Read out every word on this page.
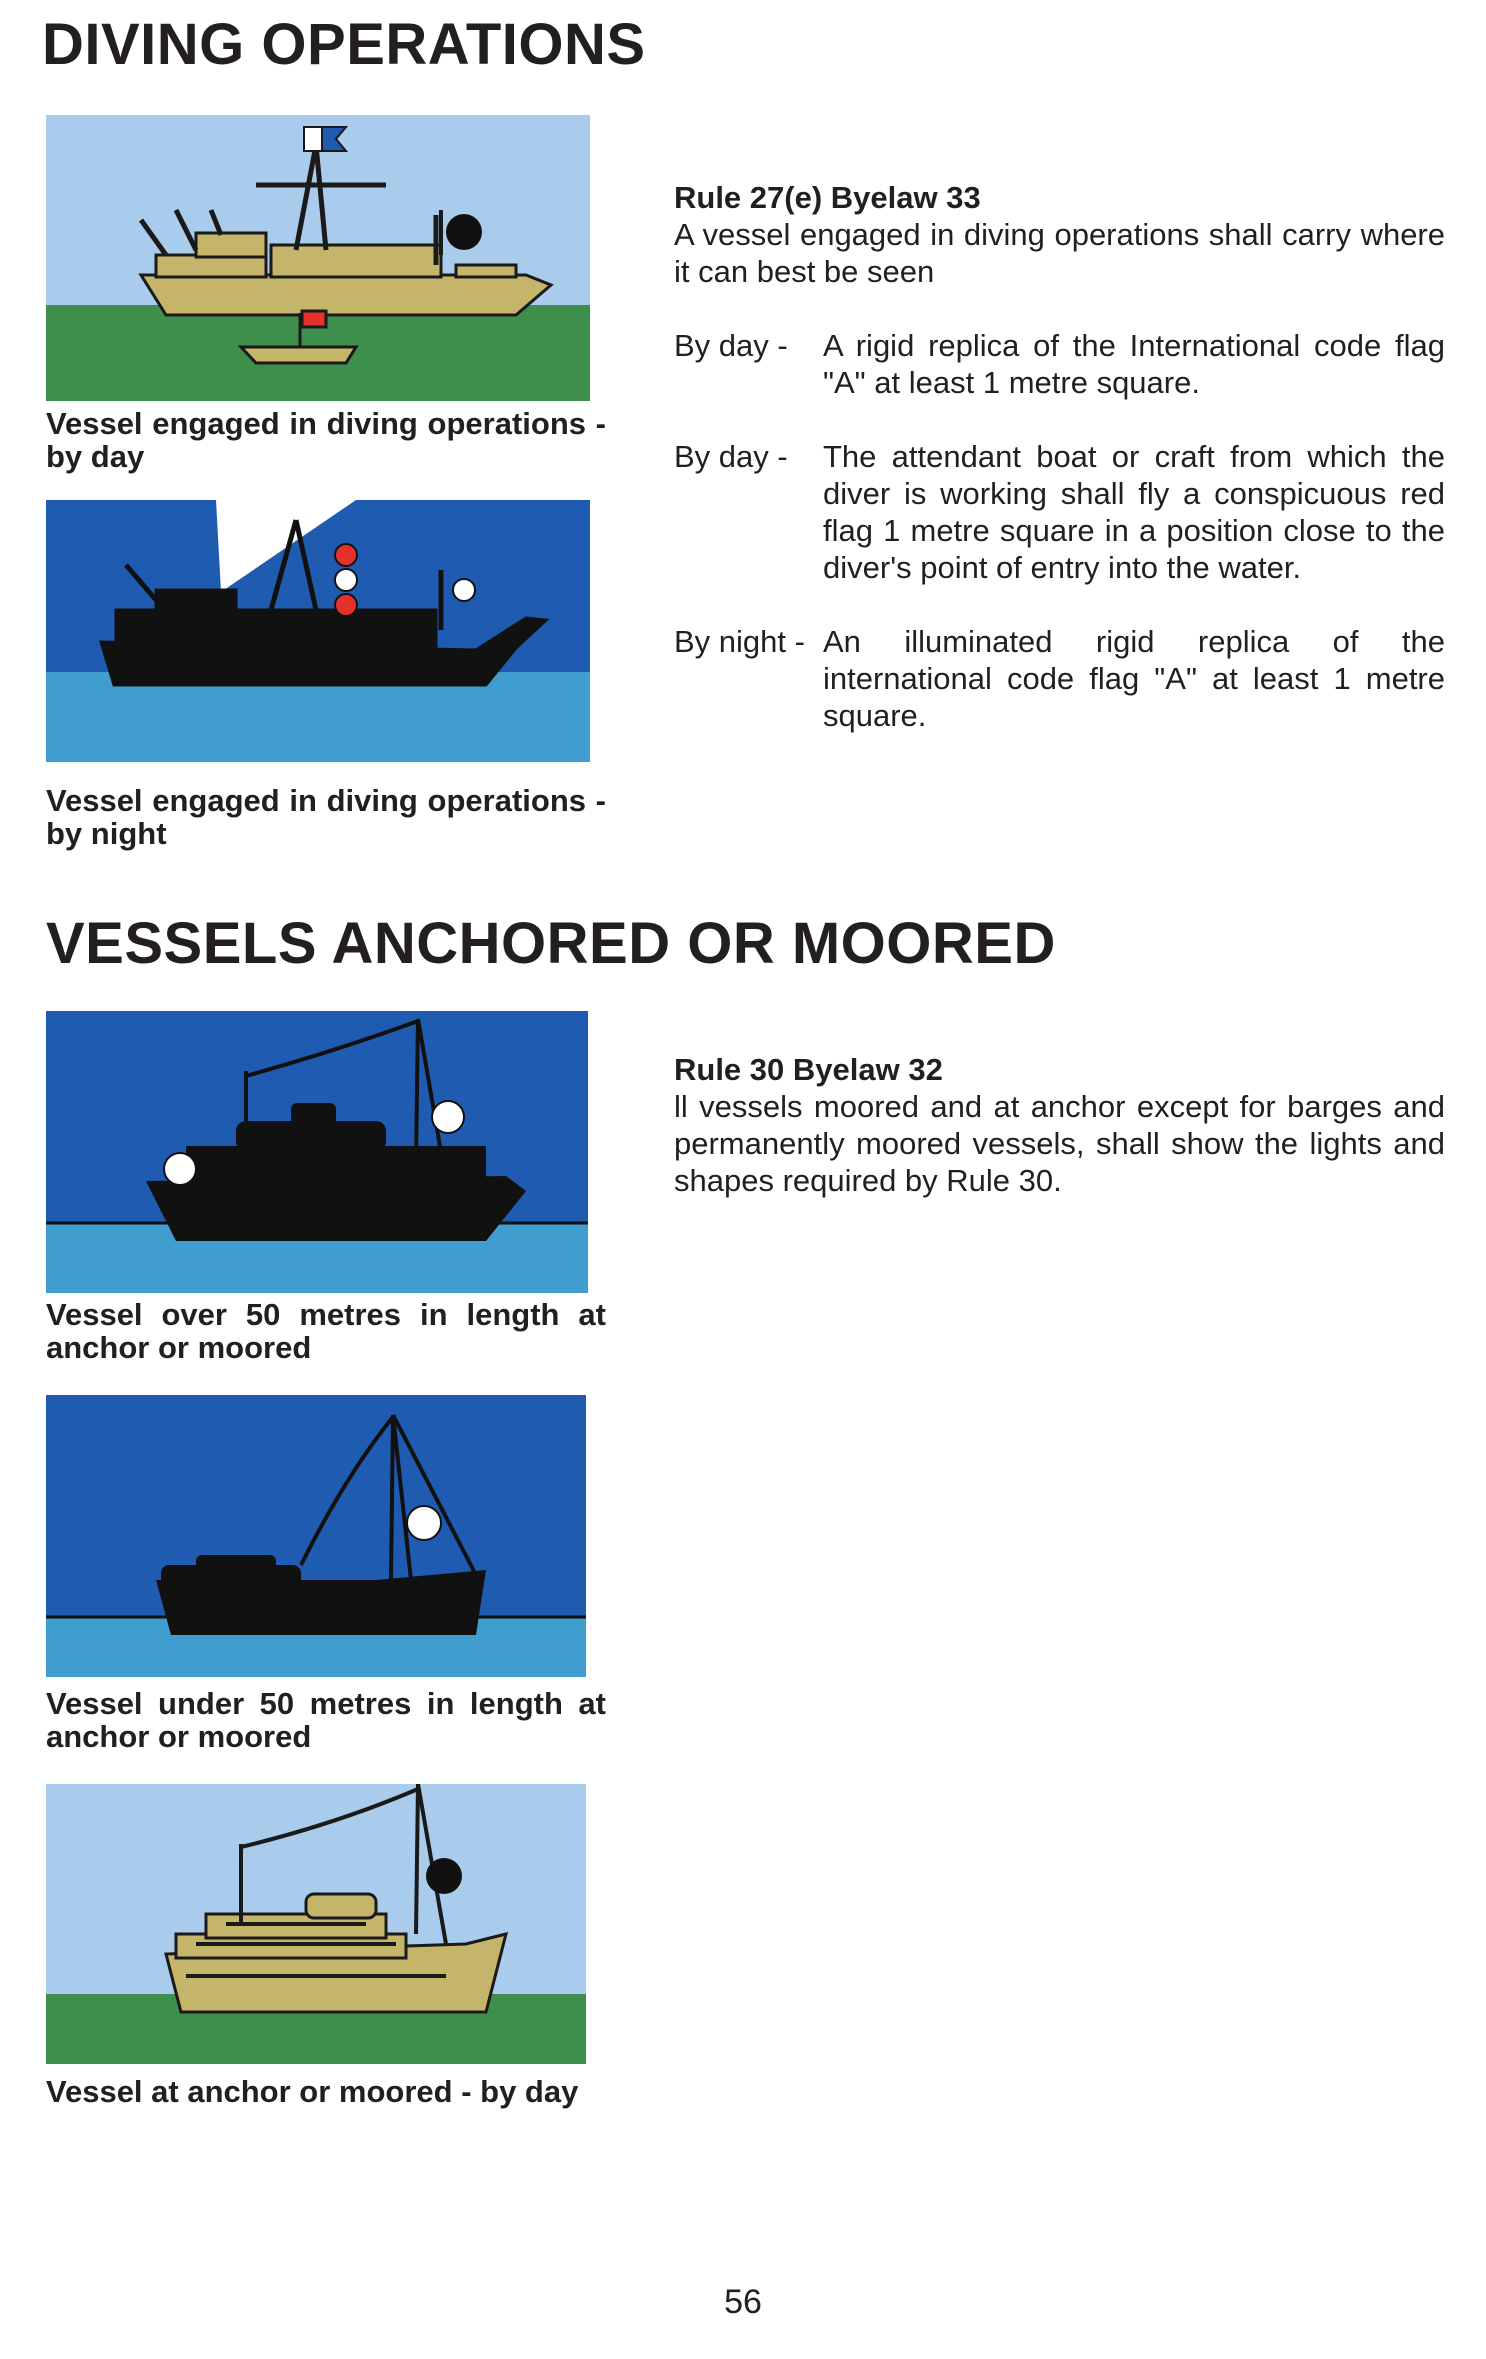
DIVING OPERATIONS
Vessel engaged in diving operations - by day
Vessel engaged in diving operations - by night
Rule 27(e) Byelaw 33
A vessel engaged in diving operations shall carry where it can best be seen
By day -	A rigid replica of the International code flag "A" at least 1 metre square.
By day -	The attendant boat or craft from which the diver is working shall fly a conspicuous red flag 1 metre square in a position close to the diver's point of entry into the water.
By night - An illuminated rigid replica of the international code flag "A" at least 1 metre square.
VESSELS ANCHORED OR MOORED
Vessel over 50 metres in length at anchor or moored
Vessel under 50 metres in length at anchor or moored
Vessel at anchor or moored - by day
Rule 30 Byelaw 32
ll vessels moored and at anchor except for barges and permanently moored vessels, shall show the lights and shapes required by Rule 30.
56
